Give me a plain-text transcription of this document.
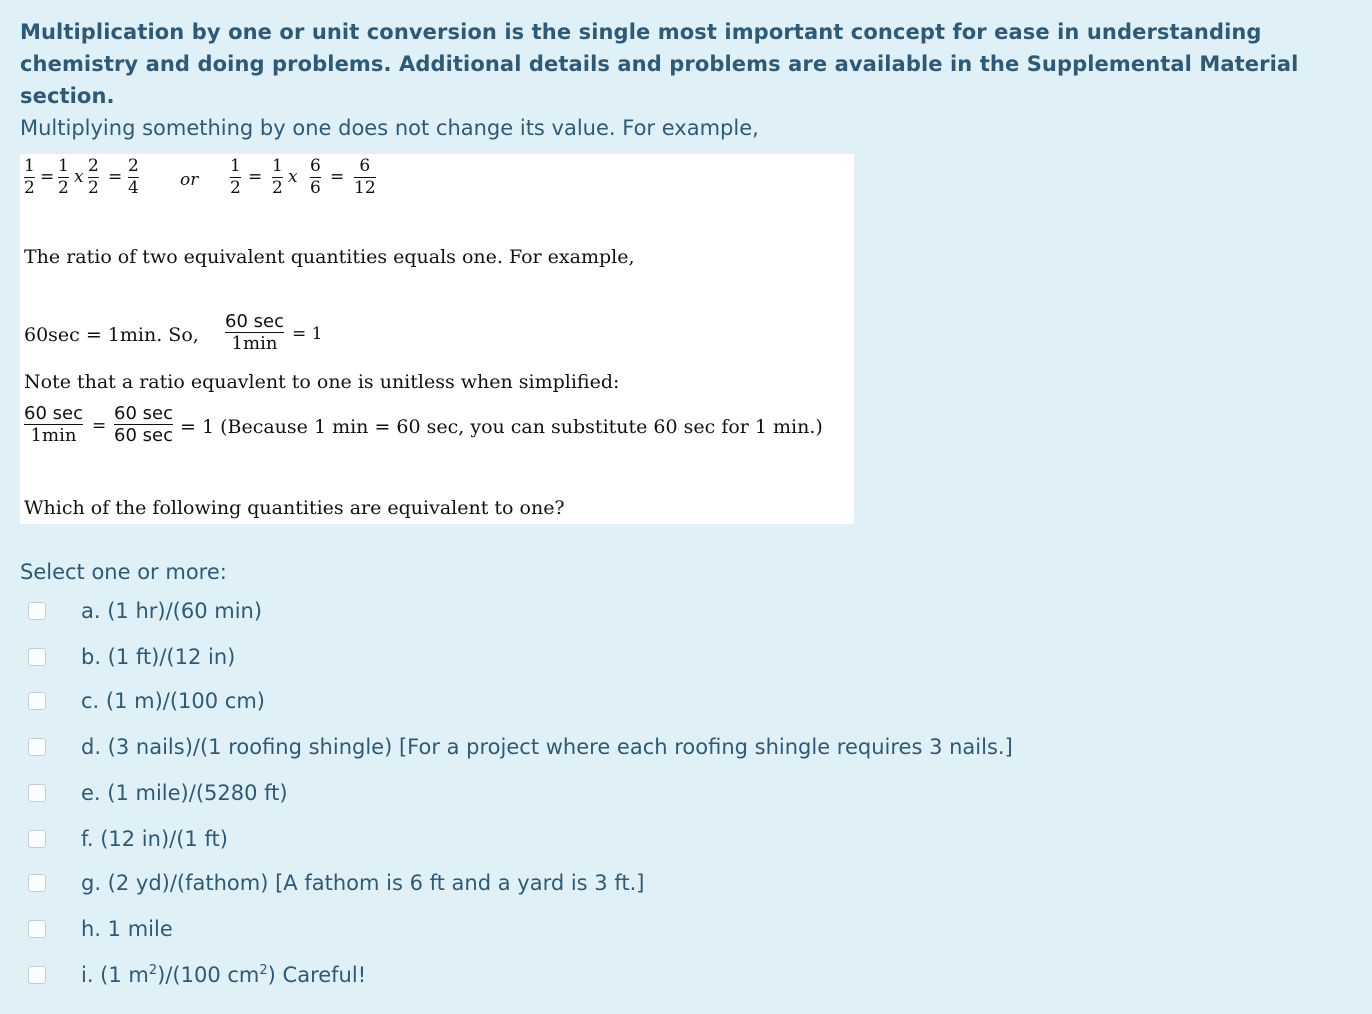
Multiplication by one or unit conversion is the single most important concept for ease in understanding chemistry and doing problems. Additional details and problems are available in the Supplemental Material section.
Multiplying something by one does not change its value. For example,
1
2
=
1
2
x
2
2
=
2
4 or
1
2
=
1
2
x
6
6
=
6
12
The ratio of two equivalent quantities equals one. For example,
60sec = 1min. So,
60 sec
1min = 1
Note that a ratio equavlent to one is unitless when simplified:
60 sec
1min =
60 sec
60 sec = 1 (Because 1 min = 60 sec, you can substitute 60 sec for 1 min.)
Which of the following quantities are equivalent to one?
Select one or more:
a. (1 hr)/(60 min)
b. (1 ft)/(12 in)
c. (1 m)/(100 cm)
d. (3 nails)/(1 roofing shingle) [For a project where each roofing shingle requires 3 nails.]
e. (1 mile)/(5280 ft)
f. (12 in)/(1 ft)
g. (2 yd)/(fathom) [A fathom is 6 ft and a yard is 3 ft.]
h. 1 mile
i. (1 $m^2)/(100$ $cm^2$) Careful!
